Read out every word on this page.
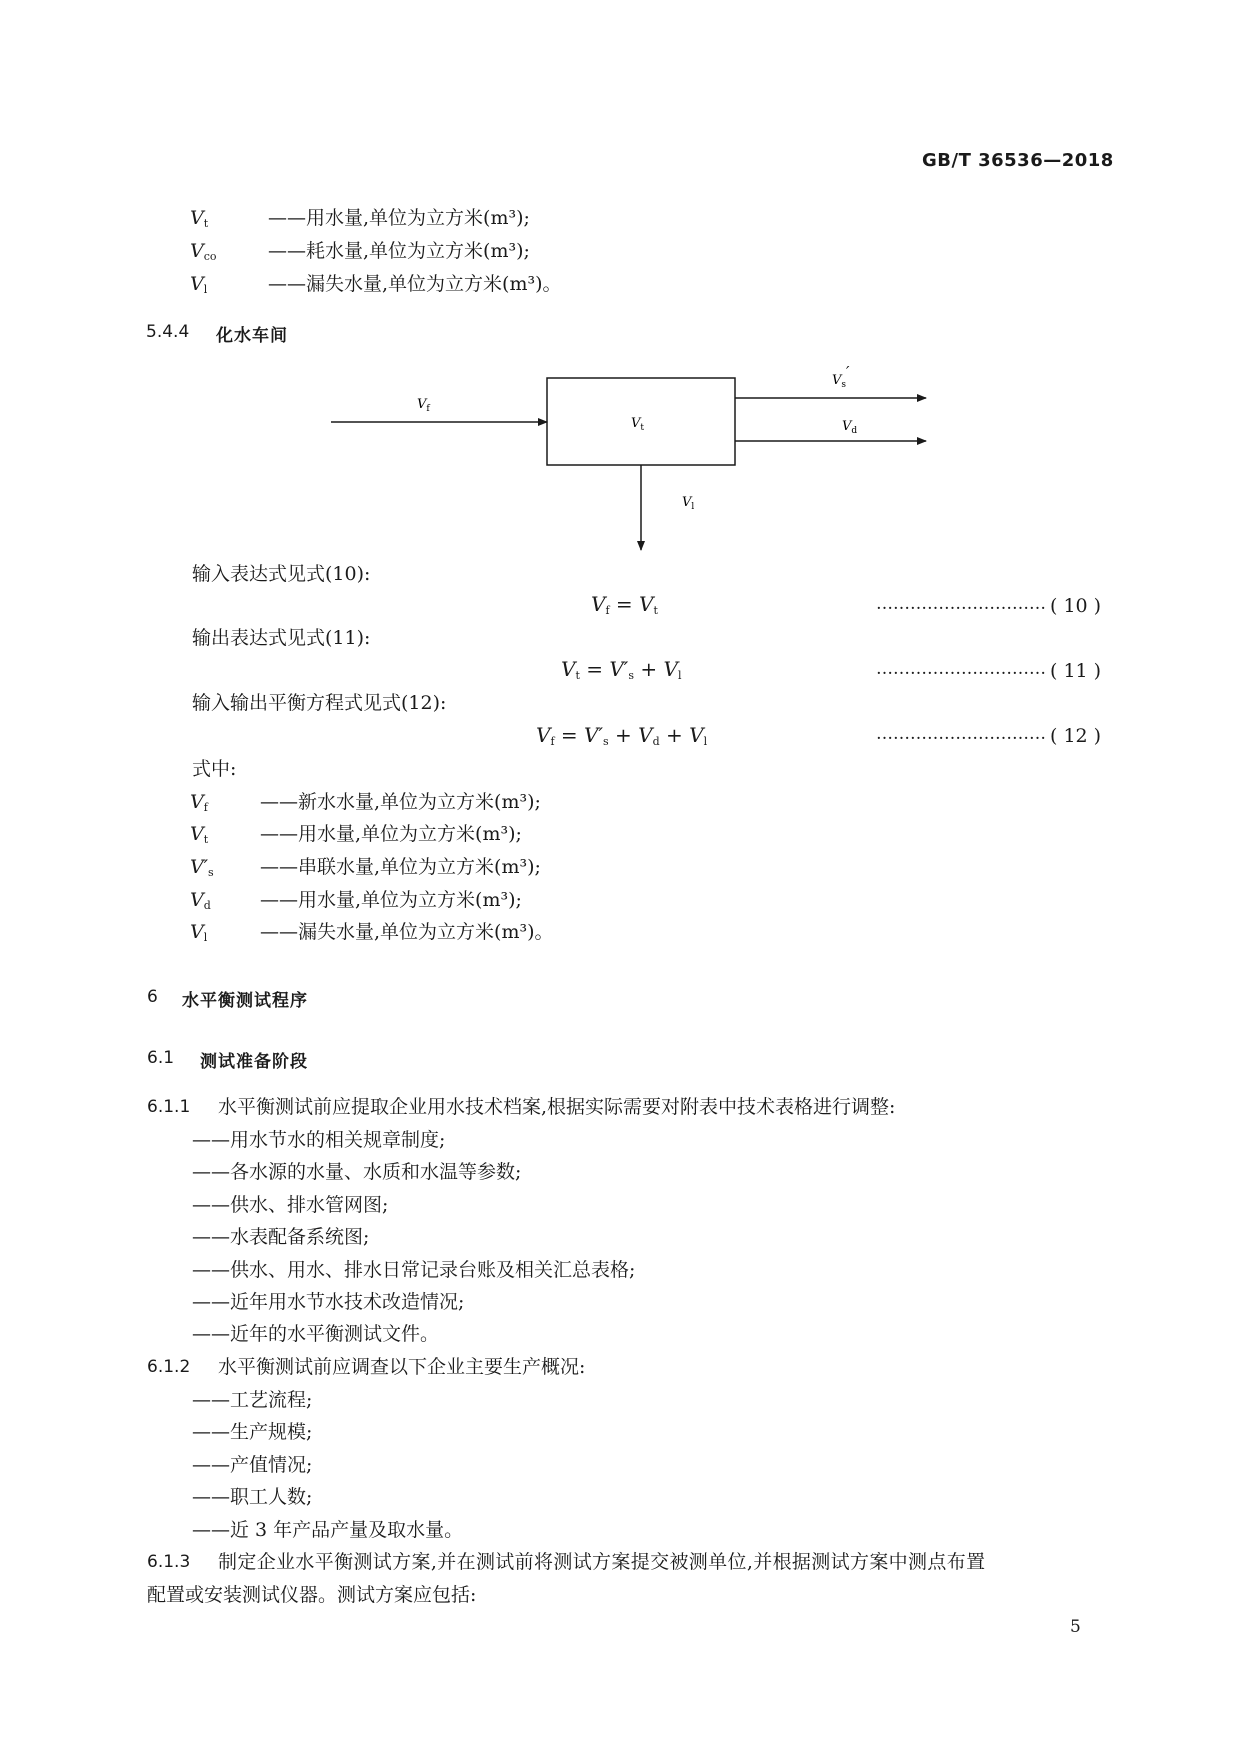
GB/T 36536—2018
$V_t$	——用水量,单位为立方米(m³);
$V_{co}$	——耗水量,单位为立方米(m³);
$V_l$	——漏失水量,单位为立方米(m³)。
5.4.4 化水车间
$V_f$
$V_t$
$V_s'$
$V_d$
$V_l$
输入表达式见式(10):
$V_f = V_t$	………………………… ( 10 )
输出表达式见式(11):
$V_t = V'_s + V_l$	………………………… ( 11 )
输入输出平衡方程式见式(12):
$V_f = V'_s + V_d + V_l$	………………………… ( 12 )
式中:
$V_f$	——新水水量,单位为立方米(m³);
$V_t$	——用水量,单位为立方米(m³);
$V'_s$ ——串联水量,单位为立方米(m³);
$V_d$	——用水量,单位为立方米(m³);
$V_l$	——漏失水量,单位为立方米(m³)。
6 水平衡测试程序
6.1 测试准备阶段
6.1.1 水平衡测试前应提取企业用水技术档案,根据实际需要对附表中技术表格进行调整:
——用水节水的相关规章制度;
——各水源的水量、水质和水温等参数;
——供水、排水管网图;
——水表配备系统图;
——供水、用水、排水日常记录台账及相关汇总表格;
——近年用水节水技术改造情况;
——近年的水平衡测试文件。
6.1.2 水平衡测试前应调查以下企业主要生产概况:
——工艺流程;
——生产规模;
——产值情况;
——职工人数;
——近 3 年产品产量及取水量。
6.1.3 制定企业水平衡测试方案,并在测试前将测试方案提交被测单位,并根据测试方案中测点布置
配置或安装测试仪器。测试方案应包括:
5
